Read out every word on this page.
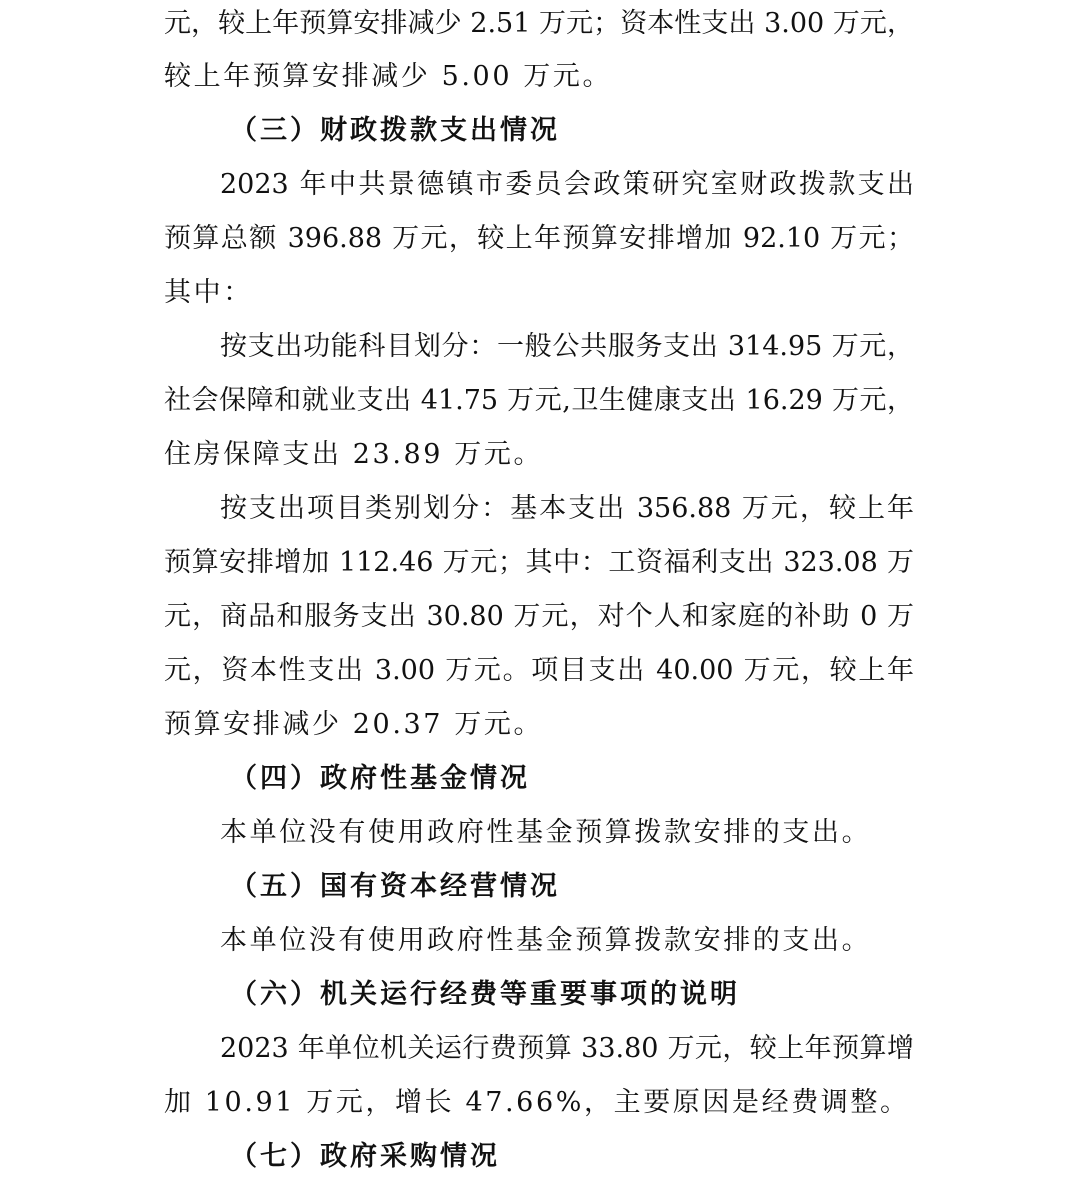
元，较上年预算安排减少 2.51 万元；资本性支出 3.00 万元，
较上年预算安排减少 5.00 万元。
（三）财政拨款支出情况
2023 年中共景德镇市委员会政策研究室财政拨款支出
预算总额 396.88 万元，较上年预算安排增加 92.10 万元；
其中：
按支出功能科目划分：一般公共服务支出 314.95 万元，
社会保障和就业支出 41.75 万元,卫生健康支出 16.29 万元，
住房保障支出 23.89 万元。
按支出项目类别划分：基本支出 356.88 万元，较上年
预算安排增加 112.46 万元；其中：工资福利支出 323.08 万
元，商品和服务支出 30.80 万元，对个人和家庭的补助 0 万
元，资本性支出 3.00 万元。项目支出 40.00 万元，较上年
预算安排减少 20.37 万元。
（四）政府性基金情况
本单位没有使用政府性基金预算拨款安排的支出。
（五）国有资本经营情况
本单位没有使用政府性基金预算拨款安排的支出。
（六）机关运行经费等重要事项的说明
2023 年单位机关运行费预算 33.80 万元，较上年预算增
加 10.91 万元，增长 47.66%，主要原因是经费调整。
（七）政府采购情况
